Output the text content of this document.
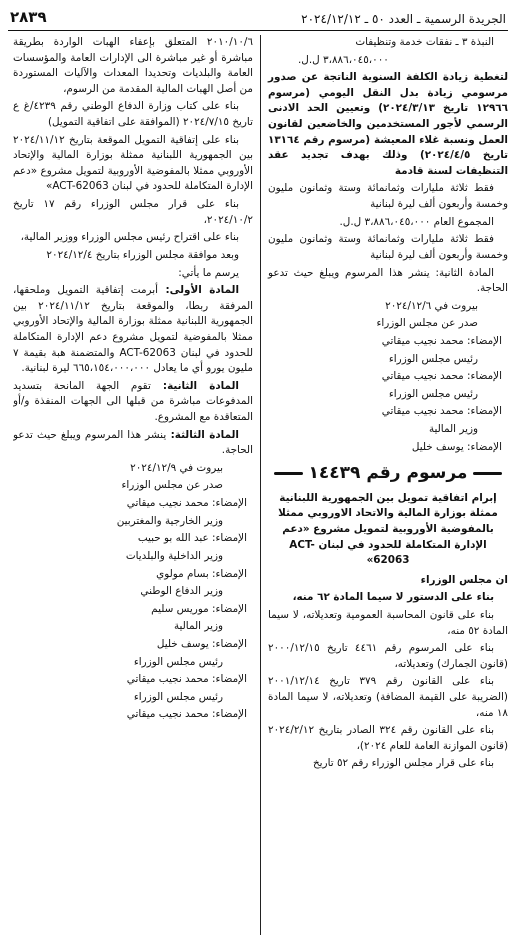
الجريدة الرسمية ـ العدد ٥٠ ـ ٢٠٢٤/١٢/١٢
٢٨٣٩

النبذة ٣ ـ نفقات خدمة وتنظيفات

٣،٨٨٦،٠٤٥،٠٠٠ ل.ل.

لتغطية زيادة الكلفة السنوية الناتجة عن صدور مرسومي زيادة بدل النقل اليومي (مرسوم ١٢٩٦٦ تاريخ ٢٠٢٤/٣/١٣) وتعيين الحد الادنى الرسمي لأجور المستخدمين والخاضعين لقانون العمل ونسبة غلاء المعيشة (مرسوم رقم ١٣١٦٤ تاريخ ٢٠٢٤/٤/٥) وذلك بهدف تجديد عقد التنظيفات لسنة قادمة

فقط ثلاثة مليارات وثمانمائة وستة وثمانون مليون وخمسة وأربعون ألف ليرة لبنانية

المجموع العام ٣،٨٨٦،٠٤٥،٠٠٠ ل.ل.

فقط ثلاثة مليارات وثمانمائة وستة وثمانون مليون وخمسة وأربعون ألف ليرة لبنانية

المادة الثانية: ينشر هذا المرسوم ويبلغ حيث تدعو الحاجة.

بيروت في ٢٠٢٤/١٢/٦

صدر عن مجلس الوزراء

الإمضاء: محمد نجيب ميقاتي

رئيس مجلس الوزراء

الإمضاء: محمد نجيب ميقاتي

رئيس مجلس الوزراء

الإمضاء: محمد نجيب ميقاتي

وزير المالية

الإمضاء: يوسف خليل

مرسوم رقم ١٤٤٣٩

إبرام اتفاقية تمويل بين الجمهورية اللبنانية ممثلة بوزارة المالية والاتحاد الاوروبي ممثلا بالمفوضية الأوروبية لتمويل مشروع «دعم الإدارة المتكاملة للحدود في لبنان ACT-62063»

ان مجلس الوزراء

بناء على الدستور لا سيما المادة ٦٢ منه،

بناء على قانون المحاسبة العمومية وتعديلاته، لا سيما المادة ٥٢ منه،

بناء على المرسوم رقم ٤٤٦١ تاريخ ٢٠٠٠/١٢/١٥ (قانون الجمارك) وتعديلاته،

بناء على القانون رقم ٣٧٩ تاريخ ٢٠٠١/١٢/١٤ (الضريبة على القيمة المضافة) وتعديلاته، لا سيما المادة ١٨ منه،

بناء على القانون رقم ٣٢٤ الصادر بتاريخ ٢٠٢٤/٢/١٢ (قانون الموازنة العامة للعام ٢٠٢٤)،

بناء على قرار مجلس الوزراء رقم ٥٢ تاريخ

٢٠١٠/١٠/٦ المتعلق بإعفاء الهبات الواردة بطريقة مباشرة أو غير مباشرة الى الإدارات العامة والمؤسسات العامة والبلديات وتحديدا المعدات والآليات المستوردة من أصل الهبات المالية المقدمة من الرسوم،

بناء على كتاب وزارة الدفاع الوطني رقم ٤٢٣٩/غ ع تاريخ ٢٠٢٤/٧/١٥ (الموافقة على اتفاقية التمويل)

بناء على إتفاقية التمويل الموقعة بتاريخ ٢٠٢٤/١١/١٢ بين الجمهورية اللبنانية ممثلة بوزارة المالية والإتحاد الأوروبي ممثلا بالمفوضية الأوروبية لتمويل مشروع «دعم الإدارة المتكاملة للحدود في لبنان ACT-62063»

بناء على قرار مجلس الوزراء رقم ١٧ تاريخ ٢٠٢٤/١٠/٢،

بناء على اقتراح رئيس مجلس الوزراء ووزير المالية،

وبعد موافقة مجلس الوزراء بتاريخ ٢٠٢٤/١٢/٤

يرسم ما يأتي:

المادة الأولى: أبرمت إتفاقية التمويل وملحقها، المرفقة ربطا، والموقعة بتاريخ ٢٠٢٤/١١/١٢ بين الجمهورية اللبنانية ممثلة بوزارة المالية والإتحاد الأوروبي ممثلا بالمفوضية لتمويل مشروع دعم الإدارة المتكاملة للحدود في لبنان ACT-62063 والمتضمنة هبة بقيمة ٧ مليون يورو أي ما يعادل ٦٦٥،١٥٤،٠٠٠،٠٠٠ ليرة لبنانية.

المادة الثانية: تقوم الجهة المانحة بتسديد المدفوعات مباشرة من قبلها الى الجهات المنفذة و/أو المتعاقدة مع المشروع.

المادة الثالثة: ينشر هذا المرسوم ويبلغ حيث تدعو الحاجة.

بيروت في ٢٠٢٤/١٢/٩

صدر عن مجلس الوزراء

الإمضاء: محمد نجيب ميقاتي

وزير الخارجية والمغتربين

الإمضاء: عبد الله بو حبيب

وزير الداخلية والبلديات

الإمضاء: بسام مولوي

وزير الدفاع الوطني

الإمضاء: موريس سليم

وزير المالية

الإمضاء: يوسف خليل

رئيس مجلس الوزراء

الإمضاء: محمد نجيب ميقاتي

رئيس مجلس الوزراء

الإمضاء: محمد نجيب ميقاتي
